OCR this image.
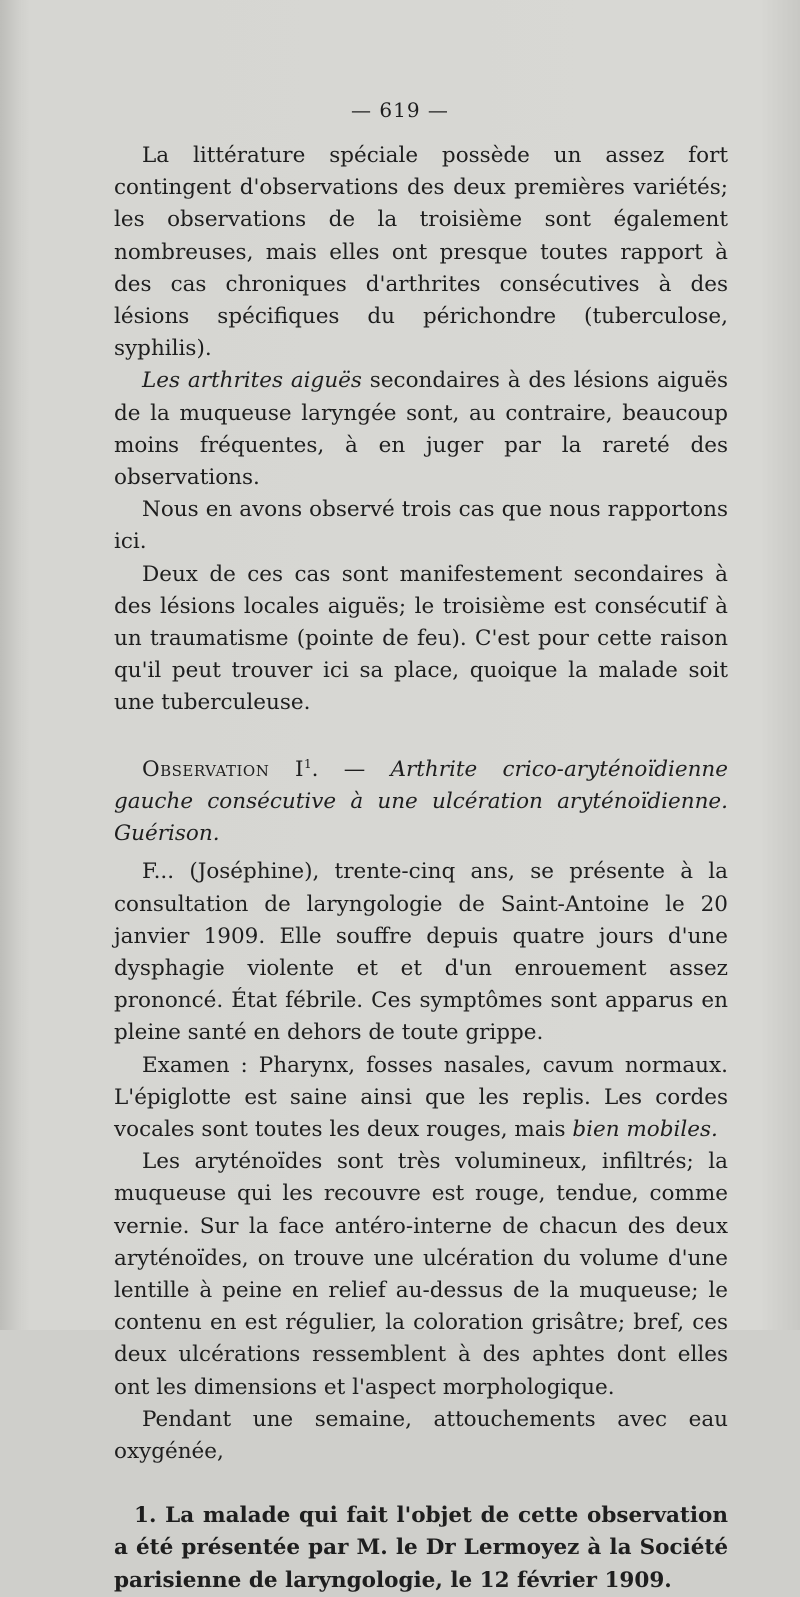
— 619 —

La littérature spéciale possède un assez fort contingent d'observations des deux premières variétés; les observations de la troisième sont également nombreuses, mais elles ont presque toutes rapport à des cas chroniques d'arthrites consécutives à des lésions spécifiques du périchondre (tuberculose, syphilis).

Les arthrites aiguës secondaires à des lésions aiguës de la muqueuse laryngée sont, au contraire, beaucoup moins fréquentes, à en juger par la rareté des observations.

Nous en avons observé trois cas que nous rapportons ici.

Deux de ces cas sont manifestement secondaires à des lésions locales aiguës; le troisième est consécutif à un traumatisme (pointe de feu). C'est pour cette raison qu'il peut trouver ici sa place, quoique la malade soit une tuberculeuse.

Observation $I^1$. — Arthrite crico-aryténoïdienne gauche consécutive à une ulcération aryténoïdienne. Guérison.

F... (Joséphine), trente-cinq ans, se présente à la consultation de laryngologie de Saint-Antoine le 20 janvier 1909. Elle souffre depuis quatre jours d'une dysphagie violente et et d'un enrouement assez prononcé. État fébrile. Ces symptômes sont apparus en pleine santé en dehors de toute grippe.

Examen : Pharynx, fosses nasales, cavum normaux. L'épiglotte est saine ainsi que les replis. Les cordes vocales sont toutes les deux rouges, mais bien mobiles.

Les aryténoïdes sont très volumineux, infiltrés; la muqueuse qui les recouvre est rouge, tendue, comme vernie. Sur la face antéro-interne de chacun des deux aryténoïdes, on trouve une ulcération du volume d'une lentille à peine en relief au-dessus de la muqueuse; le contenu en est régulier, la coloration grisâtre; bref, ces deux ulcérations ressemblent à des aphtes dont elles ont les dimensions et l'aspect morphologique.

Pendant une semaine, attouchements avec eau oxygénée,

1. La malade qui fait l'objet de cette observation a été présentée par M. le Dr Lermoyez à la Société parisienne de laryngologie, le 12 février 1909.
